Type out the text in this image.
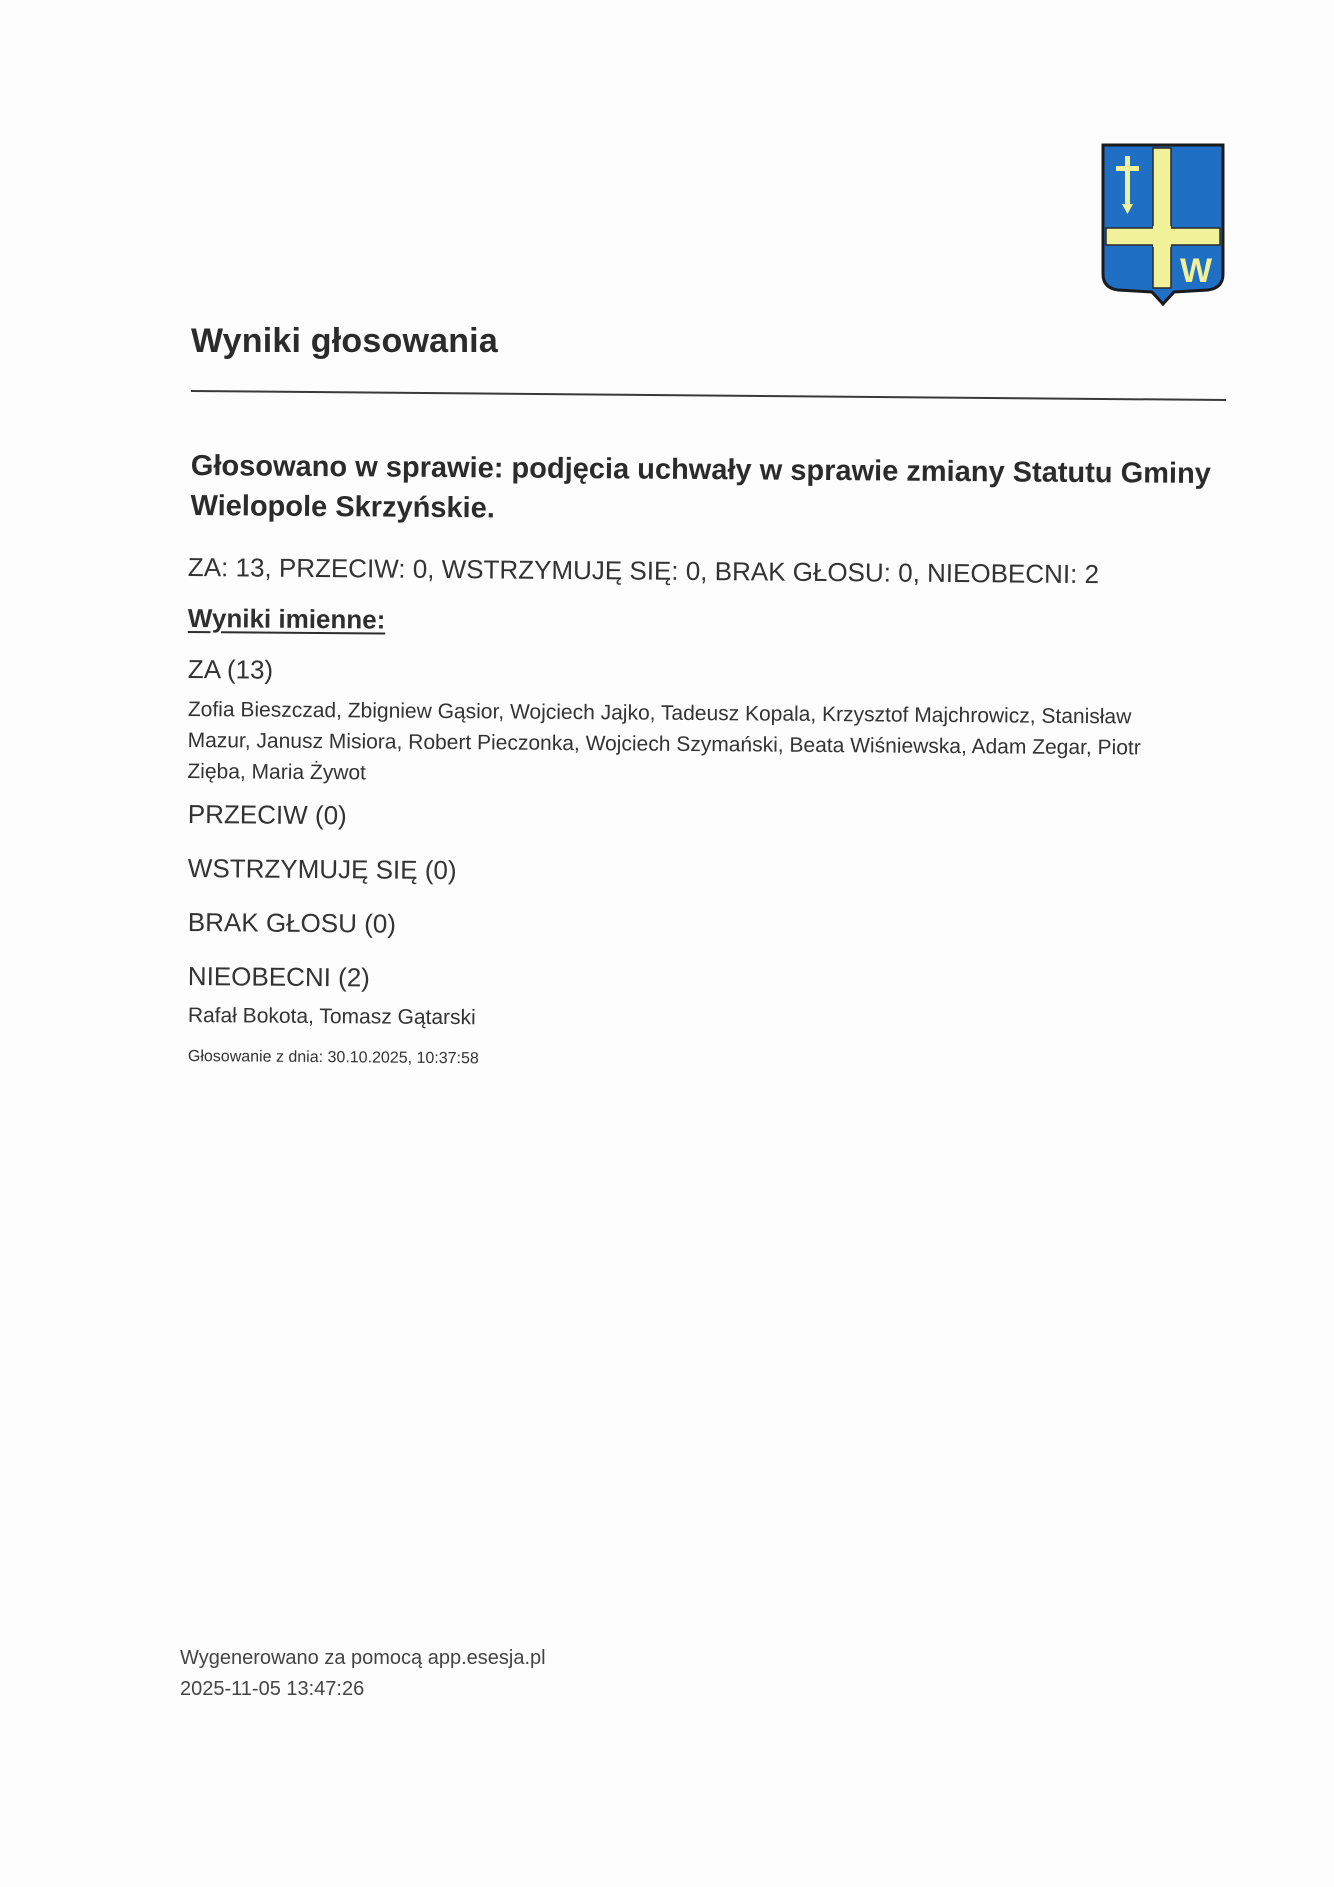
W
Wyniki głosowania
Głosowano w sprawie: podjęcia uchwały w sprawie zmiany Statutu Gminy Wielopole Skrzyńskie.
ZA: 13, PRZECIW: 0, WSTRZYMUJĘ SIĘ: 0, BRAK GŁOSU: 0, NIEOBECNI: 2
Wyniki imienne:
ZA (13)
Zofia Bieszczad, Zbigniew Gąsior, Wojciech Jajko, Tadeusz Kopala, Krzysztof Majchrowicz, Stanisław Mazur, Janusz Misiora, Robert Pieczonka, Wojciech Szymański, Beata Wiśniewska, Adam Zegar, Piotr Zięba, Maria Żywot
PRZECIW (0)
WSTRZYMUJĘ SIĘ (0)
BRAK GŁOSU (0)
NIEOBECNI (2)
Rafał Bokota, Tomasz Gątarski
Głosowanie z dnia: 30.10.2025, 10:37:58
Wygenerowano za pomocą app.esesja.pl
2025-11-05 13:47:26
